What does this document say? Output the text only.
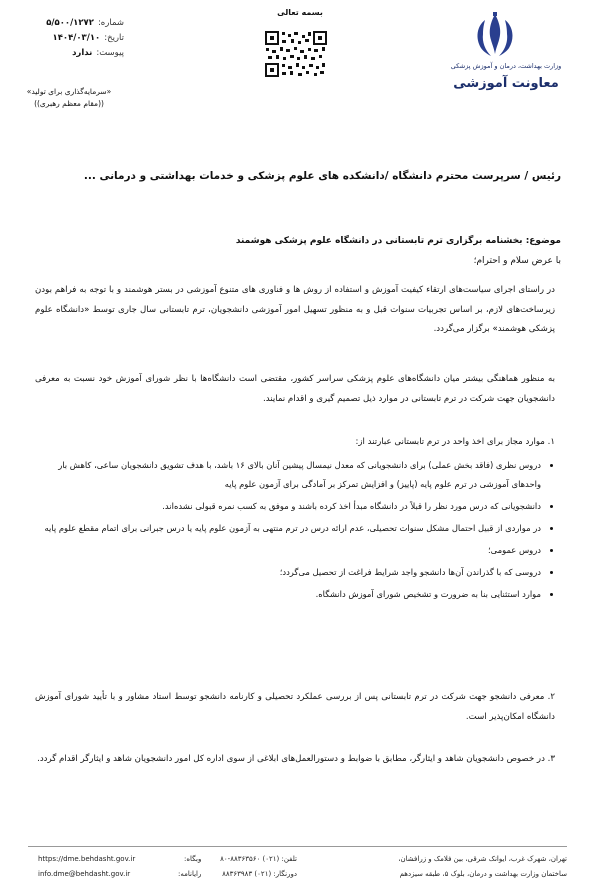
شماره:
۵/۵۰۰/۱۲۷۲
تاریخ:
۱۴۰۴/۰۳/۱۰
پیوست:
ندارد
«سرمایه‌گذاری برای تولید»
((مقام معظم رهبری))
بسمه تعالی
وزارت بهداشت، درمان و آموزش پزشکی
معاونت آموزشی
رئیس / سرپرست محترم دانشگاه /دانشکده های علوم پزشکی و خدمات بهداشتی و درمانی ...
موضوع: بخشنامه برگزاری ترم تابستانی در دانشگاه علوم پزشکی هوشمند
با عرض سلام و احترام؛
در راستای اجرای سیاست‌های ارتقاء کیفیت آموزش و استفاده از روش ها و فناوری های متنوع آموزشی در بستر هوشمند و با توجه به فراهم بودن زیرساخت‌های لازم، بر اساس تجربیات سنوات قبل و به منظور تسهیل امور آموزشی دانشجویان، ترم تابستانی سال جاری توسط «دانشگاه علوم پزشکی هوشمند» برگزار می‌گردد.
به منظور هماهنگی بیشتر میان دانشگاه‌های علوم پزشکی سراسر کشور، مقتضی است دانشگاه‌ها با نظر شورای آموزش خود نسبت به معرفی دانشجویان جهت شرکت در ترم تابستانی در موارد ذیل تصمیم گیری و اقدام نمایند.
۱. موارد مجاز برای اخذ واحد در ترم تابستانی عبارتند از:
• دروس نظری (فاقد بخش عملی) برای دانشجویانی که معدل نیمسال پیشین آنان بالای ۱۶ باشد، با هدف تشویق دانشجویان ساعی، کاهش بار واحدهای آموزشی در ترم علوم پایه (پاییز) و افزایش تمرکز بر آمادگی برای آزمون علوم پایه
• دانشجویانی که درس مورد نظر را قبلاً در دانشگاه مبدأ اخذ کرده باشند و موفق به کسب نمره قبولی نشده‌اند.
• در مواردی از قبیل احتمال مشکل سنوات تحصیلی، عدم ارائه درس در ترم منتهی به آزمون علوم پایه یا درس جبرانی برای اتمام مقطع علوم پایه
• دروس عمومی؛
• دروسی که با گذراندن آن‌ها دانشجو واجد شرایط فراغت از تحصیل می‌گردد؛
• موارد استثنایی بنا به ضرورت و تشخیص شورای آموزش دانشگاه.
۲. معرفی دانشجو جهت شرکت در ترم تابستانی پس از بررسی عملکرد تحصیلی و کارنامه دانشجو توسط استاد مشاور و با تأیید شورای آموزش دانشگاه امکان‌پذیر است.
۳. در خصوص دانشجویان شاهد و ایثارگر، مطابق با ضوابط و دستورالعمل‌های ابلاغی از سوی اداره کل امور دانشجویان شاهد و ایثارگر اقدام گردد.
تهران، شهرک غرب، ایوانک شرقی، بین فلامک و زرافشان،
ساختمان وزارت بهداشت و درمان، بلوک ۵، طبقه سیزدهم
تلفن: (۰۲۱) ۸۸۳۶۳۵۶۰-۸۰
دورنگار: (۰۲۱) ۸۸۳۶۳۹۸۳
وبگاه:
رایانامه:
https://dme.behdasht.gov.ir
info.dme@behdasht.gov.ir
